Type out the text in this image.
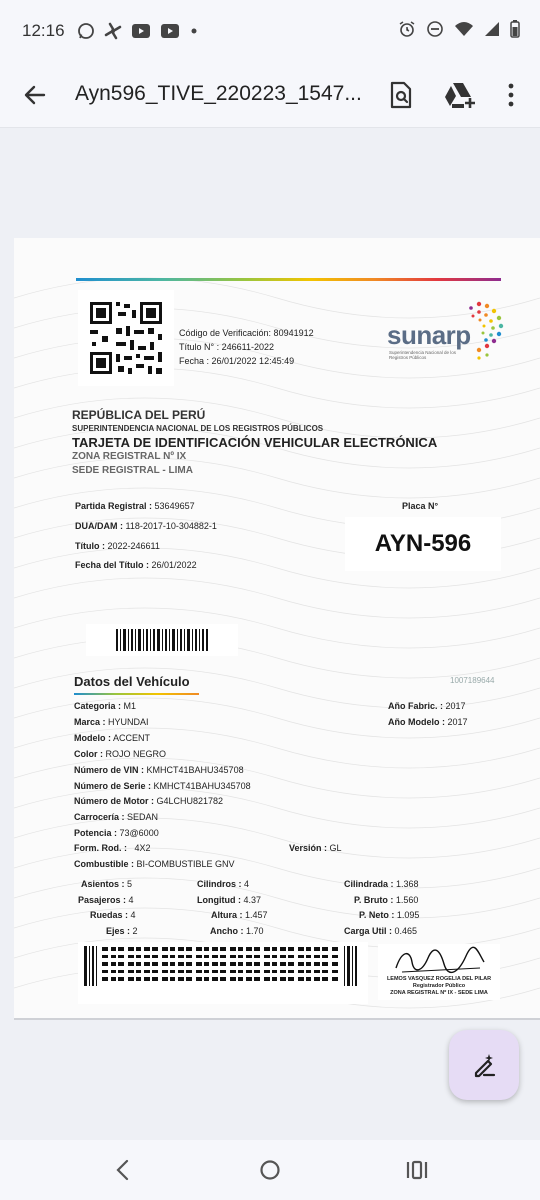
12:16
Ayn596_TIVE_220223_1547...
Código de Verificación: 80941912
Título N° : 246611-2022
Fecha : 26/01/2022 12:45:49
sunarp
Superintendencia Nacional de los Registros Públicos
REPÚBLICA DEL PERÚ
SUPERINTENDENCIA NACIONAL DE LOS REGISTROS PÚBLICOS
TARJETA DE IDENTIFICACIÓN VEHICULAR ELECTRÓNICA
ZONA REGISTRAL Nº IX
SEDE REGISTRAL - LIMA
Partida Registral : 53649657
DUA/DAM : 118-2017-10-304882-1
Título : 2022-246611
Fecha del Título : 26/01/2022
Placa N°
AYN-596
1007189644
Datos del Vehículo
Categoria : M1
Marca : HYUNDAI
Modelo : ACCENT
Color : ROJO NEGRO
Número de VIN : KMHCT41BAHU345708
Número de Serie : KMHCT41BAHU345708
Número de Motor : G4LCHU821782
Carrocería : SEDAN
Potencia : 73@6000
Form. Rod. : 4X2	Versión : GL
Combustible : BI-COMBUSTIBLE GNV
Año Fabric. : 2017
Año Modelo : 2017
Asientos : 5
Pasajeros : 4
Ruedas : 4
Ejes : 2
Cilindros : 4
Longitud : 4.37
Altura : 1.457
Ancho : 1.70
Cilindrada : 1.368
P. Bruto : 1.560
P. Neto : 1.095
Carga Util : 0.465
LEMOS VASQUEZ ROGELIA DEL PILAR
Registrador Público
ZONA REGISTRAL Nº IX - SEDE LIMA
